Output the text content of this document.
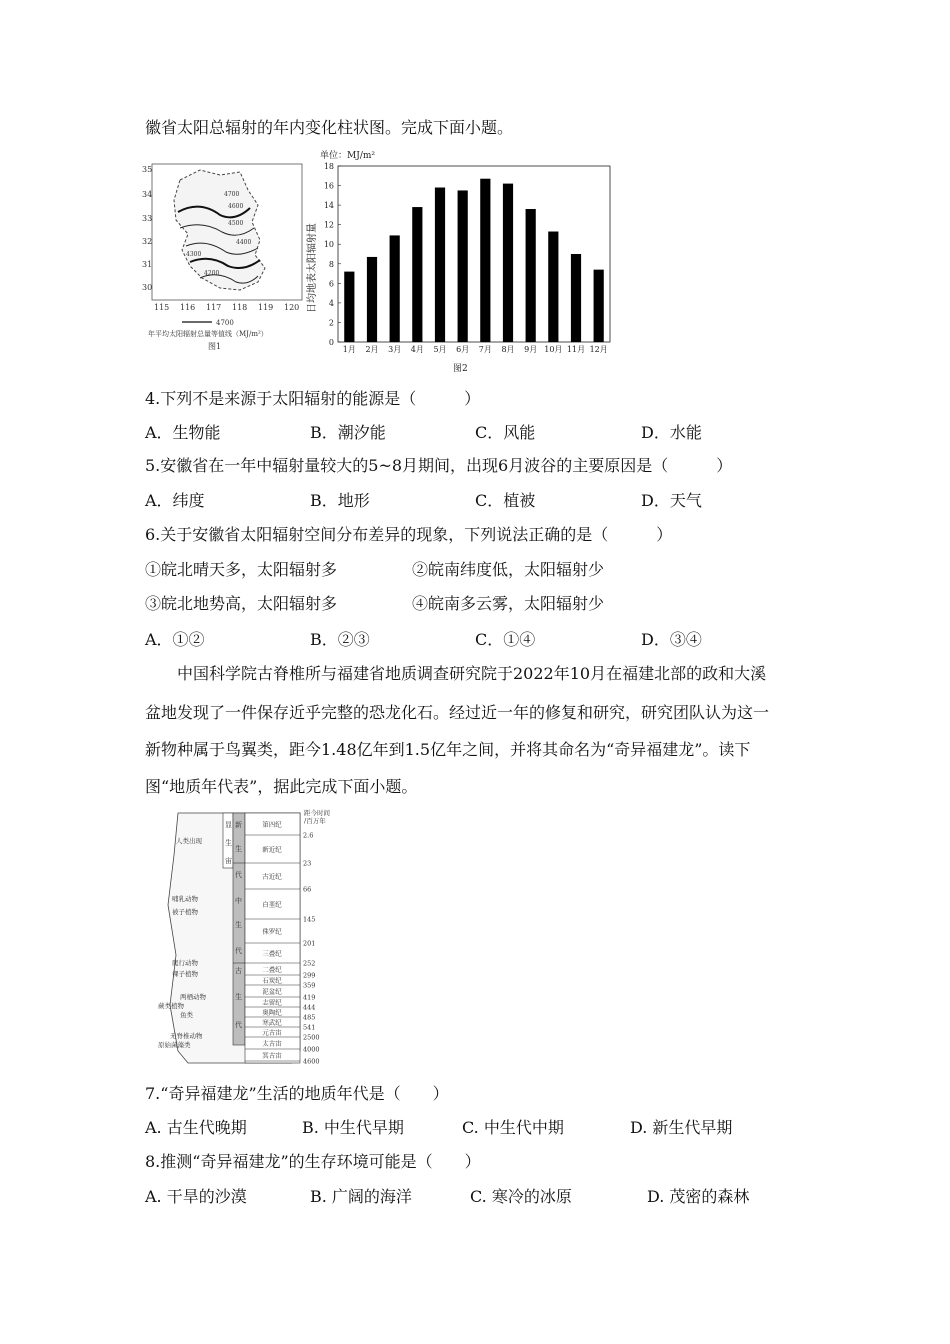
徽省太阳总辐射的年内变化柱状图。完成下面小题。
35
34
33
32
31
30
4700
4600
4500
4400
4300
4200
115 116 117 118 119 120
4700
年平均太阳辐射总量等值线（MJ/m²）
图1
单位：MJ/m²
日均地表太阳辐射量
0
2
4
6
8
10
12
14
16
18
1月 2月 3月 4月 5月 6月 7月 8月 9月 10月 11月 12月
图2
4.下列不是来源于太阳辐射的能源是（　　　）
A．生物能	B．潮汐能	C．风能	D．水能
5.安徽省在一年中辐射量较大的5~8月期间，出现6月波谷的主要原因是（　　　）
A．纬度	B．地形	C．植被	D．天气
6.关于安徽省太阳辐射空间分布差异的现象，下列说法正确的是（　　　）
①皖北晴天多，太阳辐射多	②皖南纬度低，太阳辐射少
③皖北地势高，太阳辐射多	④皖南多云雾，太阳辐射少
A．①②	B．②③	C．①④	D．③④
中国科学院古脊椎所与福建省地质调查研究院于2022年10月在福建北部的政和大溪
盆地发现了一件保存近乎完整的恐龙化石。经过近一年的修复和研究，研究团队认为这一
新物种属于鸟翼类，距今1.48亿年到1.5亿年之间，并将其命名为“奇异福建龙”。读下
图“地质年代表”，据此完成下面小题。
距今时间
/百万年
第四纪
2.6
新近纪
23
古近纪
66
白垩纪
145
侏罗纪
201
三叠纪
252
二叠纪
299
石炭纪
359
泥盆纪
419
志留纪
444
奥陶纪
485
寒武纪
541
元古宙
2500
太古宙
4000
冥古宙
4600
新
生
代
中
生
代
古
生
代
显
生
宙
人类出现
哺乳动物
被子植物
爬行动物
裸子植物
两栖动物
蕨类植物
鱼类
无脊椎动物
原始菌藻类
7.“奇异福建龙”生活的地质年代是（　　）
A. 古生代晚期	B. 中生代早期	C. 中生代中期	D. 新生代早期
8.推测“奇异福建龙”的生存环境可能是（　　）
A. 干旱的沙漠	B. 广阔的海洋	C. 寒冷的冰原	D. 茂密的森林
